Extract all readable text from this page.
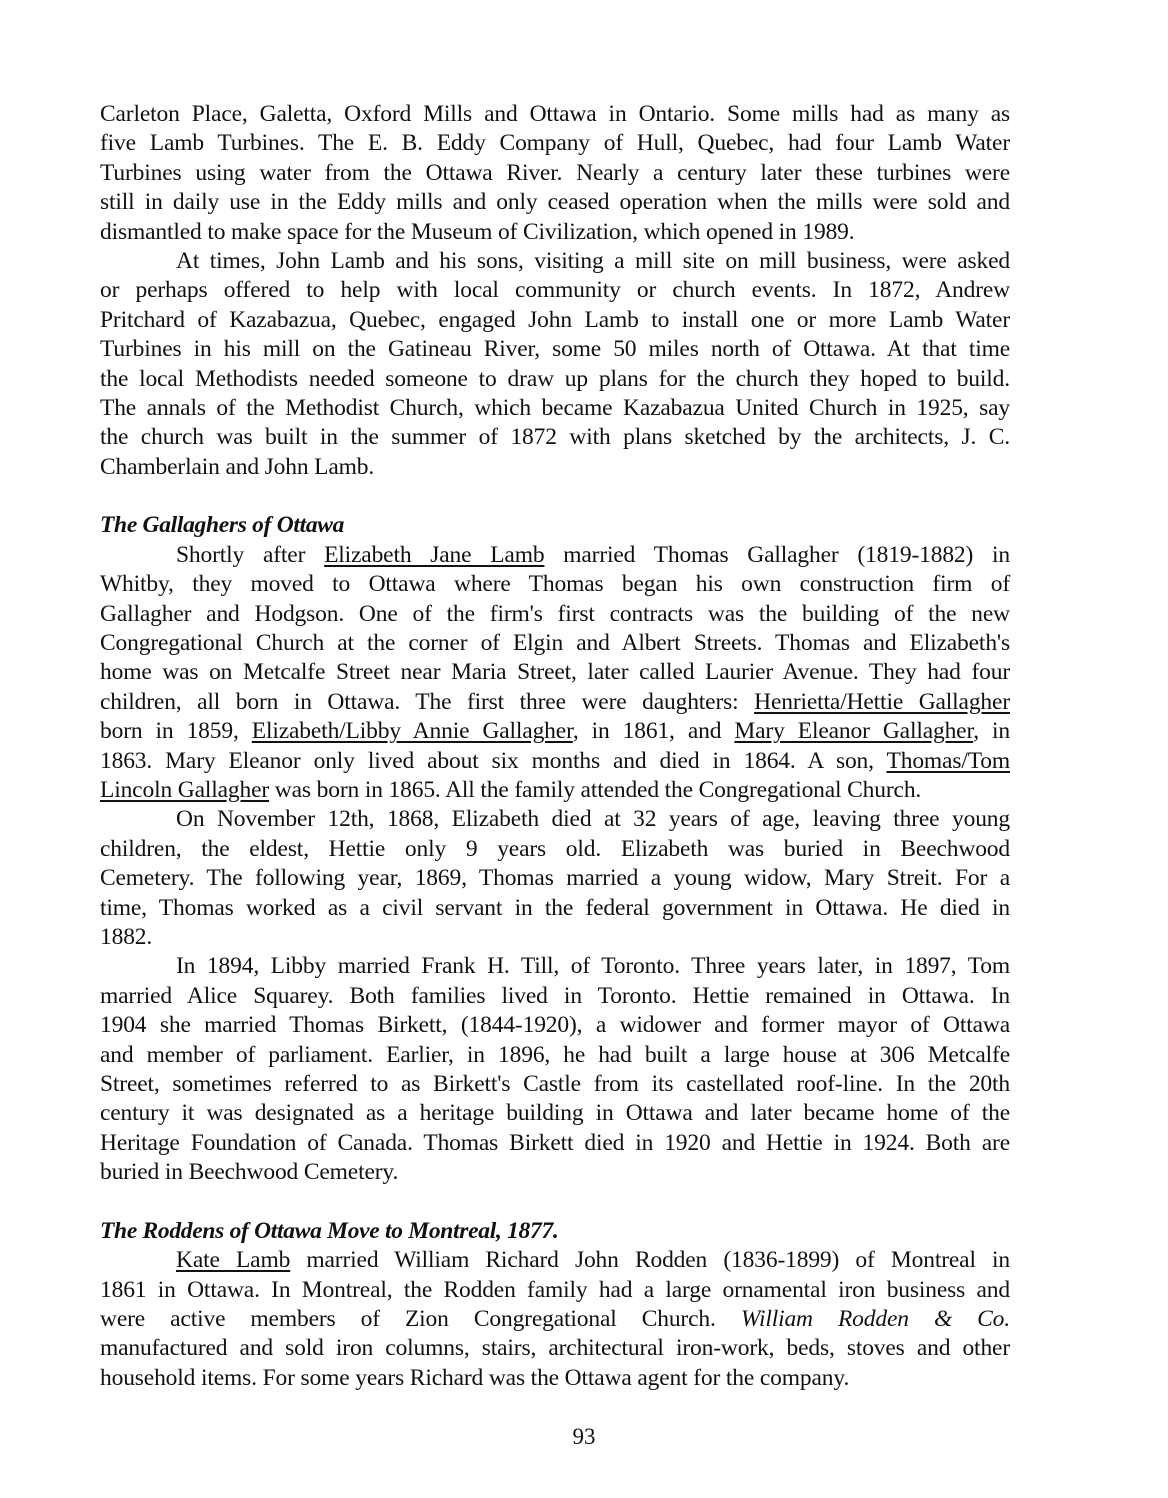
Carleton Place, Galetta, Oxford Mills and Ottawa in Ontario. Some mills had as many as
five Lamb Turbines. The E. B. Eddy Company of Hull, Quebec, had four Lamb Water
Turbines using water from the Ottawa River. Nearly a century later these turbines were
still in daily use in the Eddy mills and only ceased operation when the mills were sold and
dismantled to make space for the Museum of Civilization, which opened in 1989.
At times, John Lamb and his sons, visiting a mill site on mill business, were asked
or perhaps offered to help with local community or church events. In 1872, Andrew
Pritchard of Kazabazua, Quebec, engaged John Lamb to install one or more Lamb Water
Turbines in his mill on the Gatineau River, some 50 miles north of Ottawa. At that time
the local Methodists needed someone to draw up plans for the church they hoped to build.
The annals of the Methodist Church, which became Kazabazua United Church in 1925, say
the church was built in the summer of 1872 with plans sketched by the architects, J. C.
Chamberlain and John Lamb.
The Gallaghers of Ottawa
Shortly after Elizabeth Jane Lamb married Thomas Gallagher (1819-1882) in
Whitby, they moved to Ottawa where Thomas began his own construction firm of
Gallagher and Hodgson. One of the firm's first contracts was the building of the new
Congregational Church at the corner of Elgin and Albert Streets. Thomas and Elizabeth's
home was on Metcalfe Street near Maria Street, later called Laurier Avenue. They had four
children, all born in Ottawa. The first three were daughters: Henrietta/Hettie Gallagher
born in 1859, Elizabeth/Libby Annie Gallagher, in 1861, and Mary Eleanor Gallagher, in
1863. Mary Eleanor only lived about six months and died in 1864. A son, Thomas/Tom
Lincoln Gallagher was born in 1865. All the family attended the Congregational Church.
On November 12th, 1868, Elizabeth died at 32 years of age, leaving three young
children, the eldest, Hettie only 9 years old. Elizabeth was buried in Beechwood
Cemetery. The following year, 1869, Thomas married a young widow, Mary Streit. For a
time, Thomas worked as a civil servant in the federal government in Ottawa. He died in
1882.
In 1894, Libby married Frank H. Till, of Toronto. Three years later, in 1897, Tom
married Alice Squarey. Both families lived in Toronto. Hettie remained in Ottawa. In
1904 she married Thomas Birkett, (1844-1920), a widower and former mayor of Ottawa
and member of parliament. Earlier, in 1896, he had built a large house at 306 Metcalfe
Street, sometimes referred to as Birkett's Castle from its castellated roof-line. In the 20th
century it was designated as a heritage building in Ottawa and later became home of the
Heritage Foundation of Canada. Thomas Birkett died in 1920 and Hettie in 1924. Both are
buried in Beechwood Cemetery.
The Roddens of Ottawa Move to Montreal, 1877.
Kate Lamb married William Richard John Rodden (1836-1899) of Montreal in
1861 in Ottawa. In Montreal, the Rodden family had a large ornamental iron business and
were active members of Zion Congregational Church. William Rodden & Co.
manufactured and sold iron columns, stairs, architectural iron-work, beds, stoves and other
household items. For some years Richard was the Ottawa agent for the company.
93
